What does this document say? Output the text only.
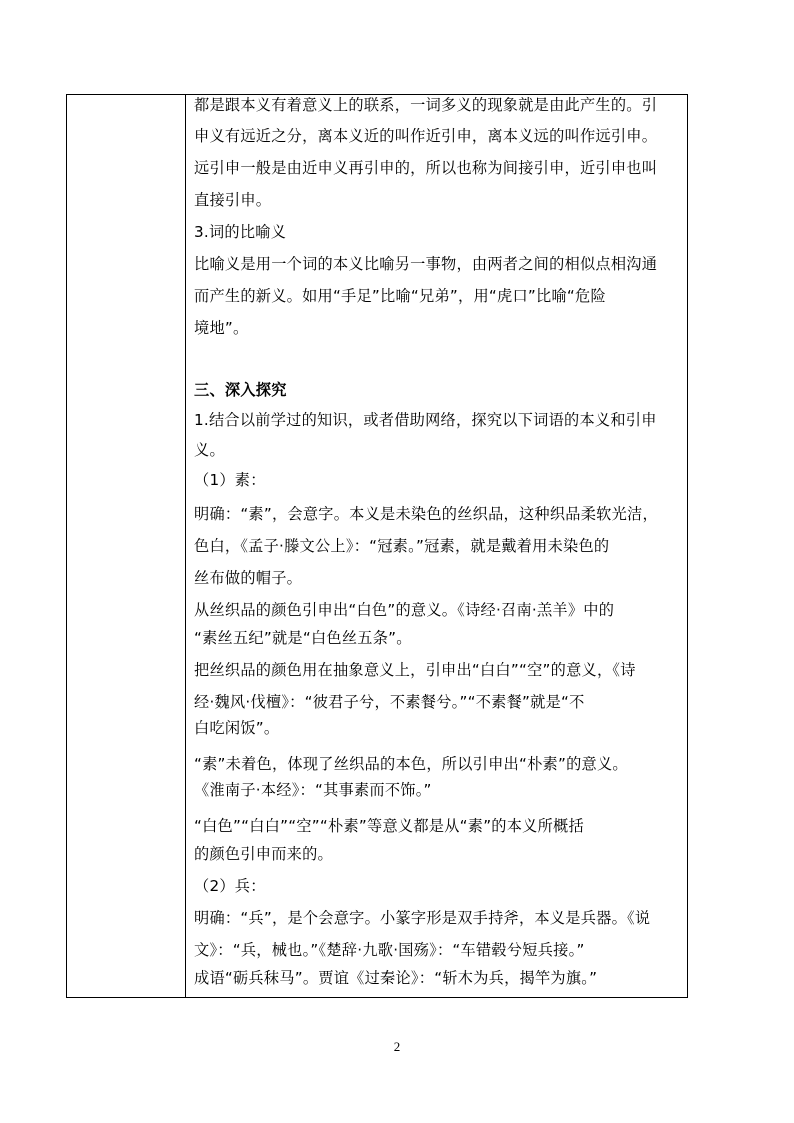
都是跟本义有着意义上的联系，一词多义的现象就是由此产生的。引
申义有远近之分，离本义近的叫作近引申，离本义远的叫作远引申。
远引申一般是由近申义再引申的，所以也称为间接引申，近引申也叫
直接引申。
3.词的比喻义
比喻义是用一个词的本义比喻另一事物，由两者之间的相似点相沟通
而产生的新义。如用“手足”比喻“兄弟”，用“虎口”比喻“危险
境地”。
三、深入探究
1.结合以前学过的知识，或者借助网络，探究以下词语的本义和引申
义。
（1）素：
明确：“素”，会意字。本义是未染色的丝织品，这种织品柔软光洁，
色白，《孟子·滕文公上》：“冠素。”冠素，就是戴着用未染色的
丝布做的帽子。
从丝织品的颜色引申出“白色”的意义。《诗经·召南·羔羊》中的
“素丝五纪”就是“白色丝五条”。
把丝织品的颜色用在抽象意义上，引申出“白白”“空”的意义，《诗
经·魏风·伐檀》：“彼君子兮，不素餐兮。”“不素餐”就是“不
白吃闲饭”。
“素”未着色，体现了丝织品的本色，所以引申出“朴素”的意义。
《淮南子·本经》：“其事素而不饰。”
“白色”“白白”“空”“朴素”等意义都是从“素”的本义所概括
的颜色引申而来的。
（2）兵：
明确：“兵”，是个会意字。小篆字形是双手持斧，本义是兵器。《说
文》：“兵，械也。”《楚辞·九歌·国殇》：“车错毂兮短兵接。”
成语“砺兵秣马”。贾谊《过秦论》：“斩木为兵，揭竿为旗。”
2
